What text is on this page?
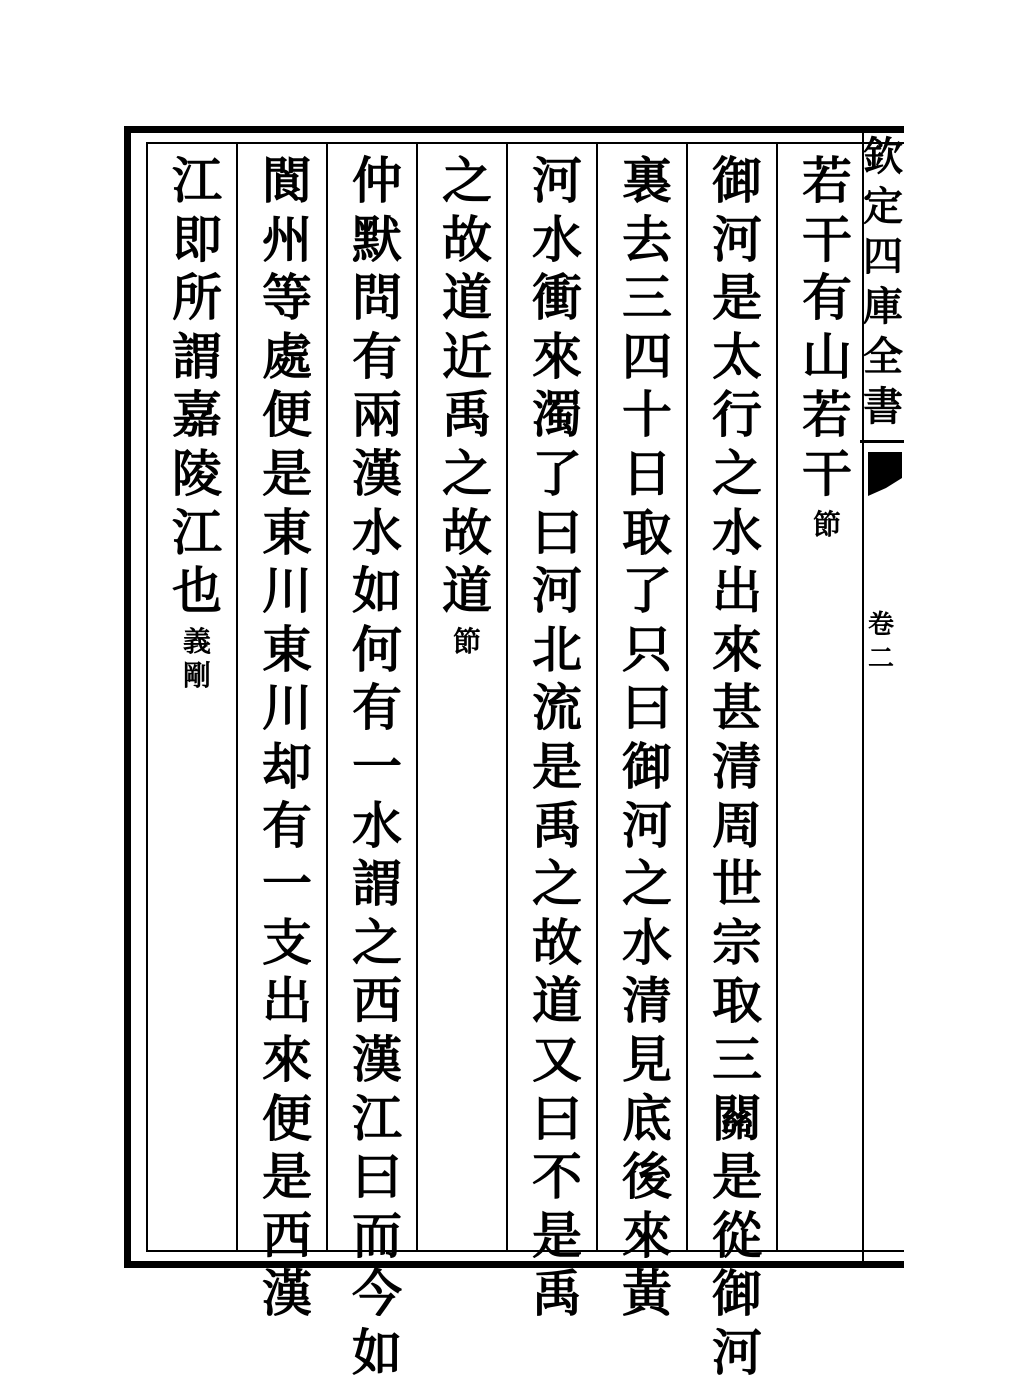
欽
定
四
庫
全
書
卷
二
若
干
有
山
若
干
節
御
河
是
太
行
之
水
出
來
甚
清
周
世
宗
取
三
關
是
從
御
河
裏
去
三
四
十
日
取
了
只
曰
御
河
之
水
清
見
底
後
來
黃
河
水
衝
來
濁
了
曰
河
北
流
是
禹
之
故
道
又
曰
不
是
禹
之
故
道
近
禹
之
故
道
節
仲
默
問
有
兩
漢
水
如
何
有
一
水
謂
之
西
漢
江
曰
而
今
如
閬
州
等
處
便
是
東
川
東
川
却
有
一
支
出
來
便
是
西
漢
江
即
所
謂
嘉
陵
江
也
義
剛
